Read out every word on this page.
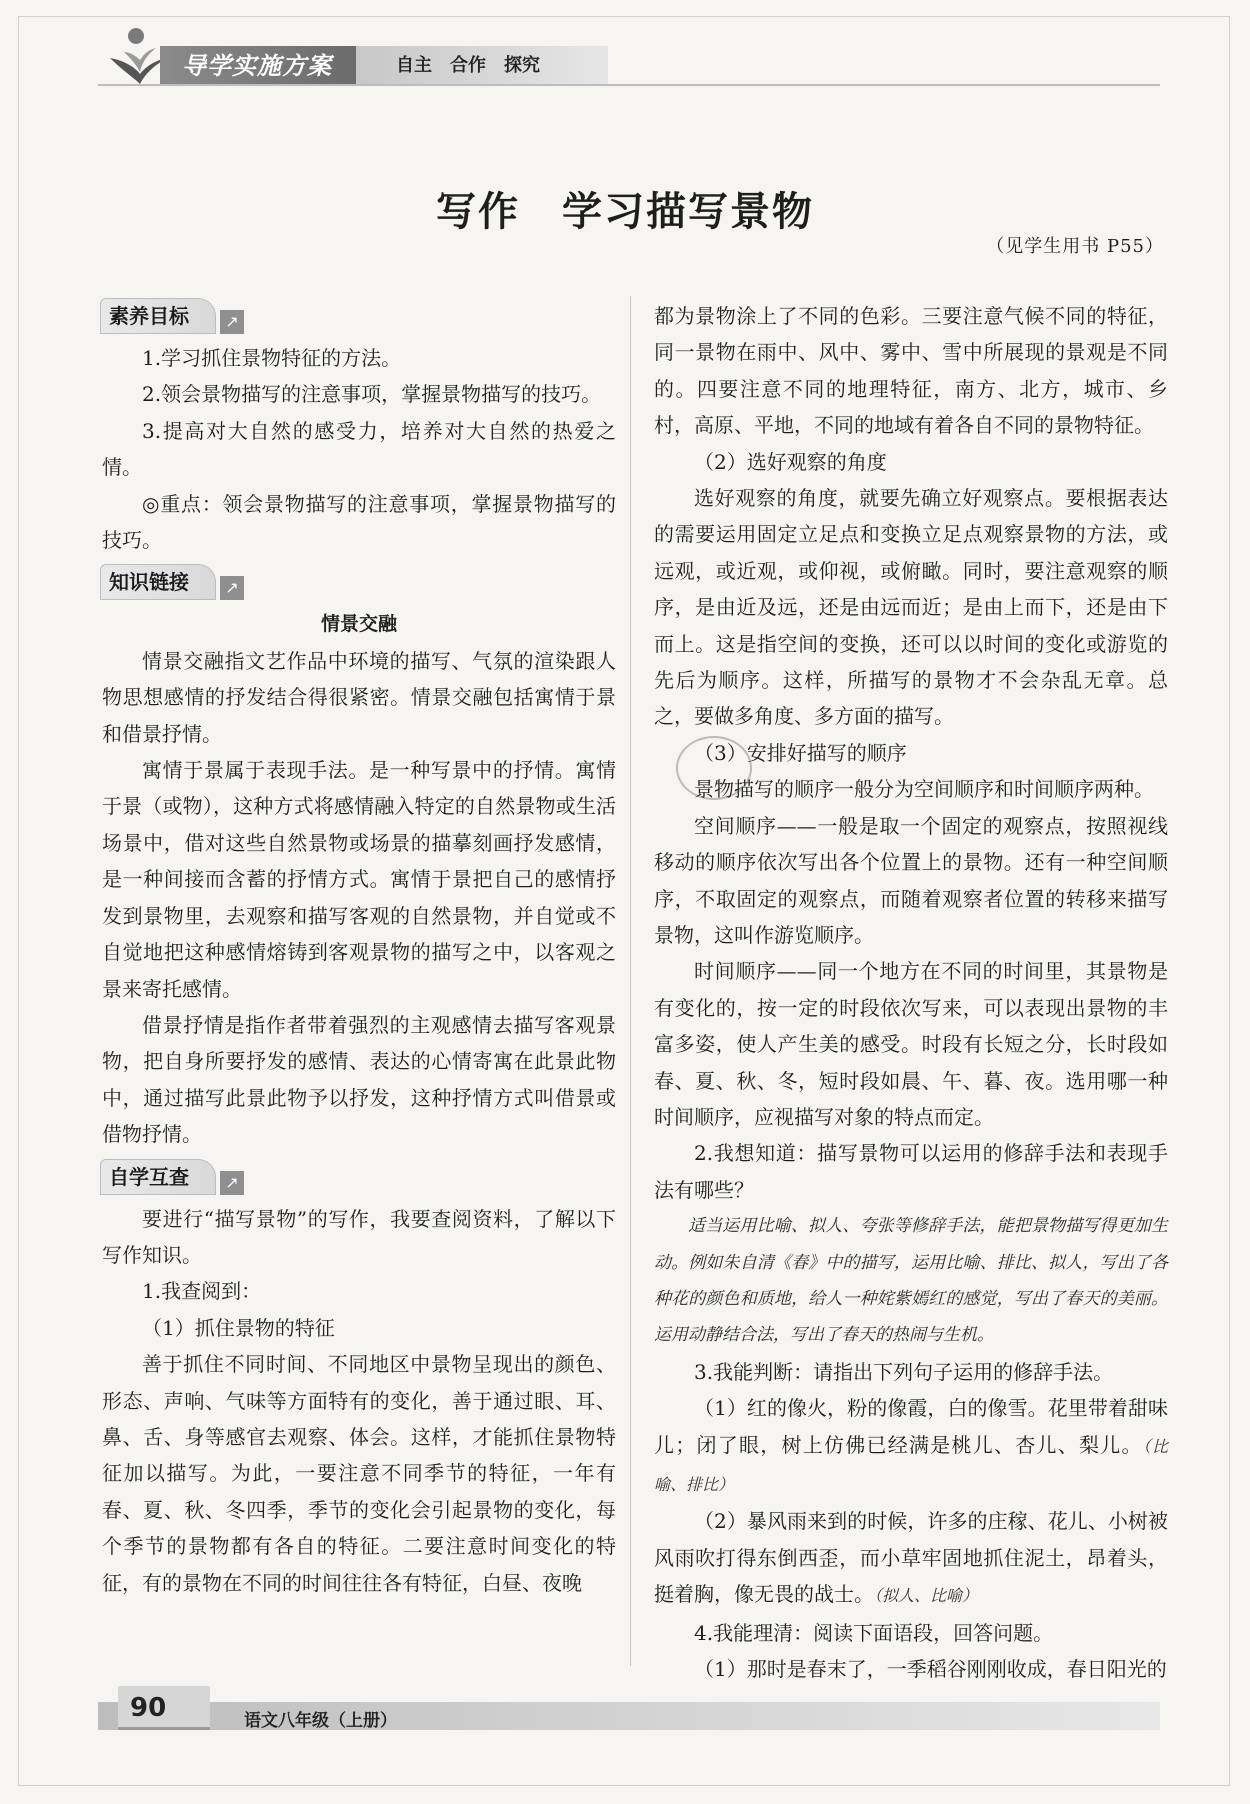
导学实施方案	自主　合作　探究
写作　学习描写景物
（见学生用书 P55）
素养目标 ↗

1.学习抓住景物特征的方法。

2.领会景物描写的注意事项，掌握景物描写的技巧。

3.提高对大自然的感受力，培养对大自然的热爱之情。

◎重点：领会景物描写的注意事项，掌握景物描写的技巧。

知识链接 ↗

情景交融

情景交融指文艺作品中环境的描写、气氛的渲染跟人物思想感情的抒发结合得很紧密。情景交融包括寓情于景和借景抒情。

寓情于景属于表现手法。是一种写景中的抒情。寓情于景（或物），这种方式将感情融入特定的自然景物或生活场景中，借对这些自然景物或场景的描摹刻画抒发感情，是一种间接而含蓄的抒情方式。寓情于景把自己的感情抒发到景物里，去观察和描写客观的自然景物，并自觉或不自觉地把这种感情熔铸到客观景物的描写之中，以客观之景来寄托感情。

借景抒情是指作者带着强烈的主观感情去描写客观景物，把自身所要抒发的感情、表达的心情寄寓在此景此物中，通过描写此景此物予以抒发，这种抒情方式叫借景或借物抒情。

自学互查 ↗

要进行“描写景物”的写作，我要查阅资料，了解以下写作知识。

1.我查阅到：

（1）抓住景物的特征

善于抓住不同时间、不同地区中景物呈现出的颜色、形态、声响、气味等方面特有的变化，善于通过眼、耳、鼻、舌、身等感官去观察、体会。这样，才能抓住景物特征加以描写。为此，一要注意不同季节的特征，一年有春、夏、秋、冬四季，季节的变化会引起景物的变化，每个季节的景物都有各自的特征。二要注意时间变化的特征，有的景物在不同的时间往往各有特征，白昼、夜晚

都为景物涂上了不同的色彩。三要注意气候不同的特征，同一景物在雨中、风中、雾中、雪中所展现的景观是不同的。四要注意不同的地理特征，南方、北方，城市、乡村，高原、平地，不同的地域有着各自不同的景物特征。

（2）选好观察的角度

选好观察的角度，就要先确立好观察点。要根据表达的需要运用固定立足点和变换立足点观察景物的方法，或远观，或近观，或仰视，或俯瞰。同时，要注意观察的顺序，是由近及远，还是由远而近；是由上而下，还是由下而上。这是指空间的变换，还可以以时间的变化或游览的先后为顺序。这样，所描写的景物才不会杂乱无章。总之，要做多角度、多方面的描写。

（3）安排好描写的顺序

景物描写的顺序一般分为空间顺序和时间顺序两种。

空间顺序——一般是取一个固定的观察点，按照视线移动的顺序依次写出各个位置上的景物。还有一种空间顺序，不取固定的观察点，而随着观察者位置的转移来描写景物，这叫作游览顺序。

时间顺序——同一个地方在不同的时间里，其景物是有变化的，按一定的时段依次写来，可以表现出景物的丰富多姿，使人产生美的感受。时段有长短之分，长时段如春、夏、秋、冬，短时段如晨、午、暮、夜。选用哪一种时间顺序，应视描写对象的特点而定。

2.我想知道：描写景物可以运用的修辞手法和表现手法有哪些？

适当运用比喻、拟人、夸张等修辞手法，能把景物描写得更加生动。例如朱自清《春》中的描写，运用比喻、排比、拟人，写出了各种花的颜色和质地，给人一种姹紫嫣红的感觉，写出了春天的美丽。运用动静结合法，写出了春天的热闹与生机。

3.我能判断：请指出下列句子运用的修辞手法。

（1）红的像火，粉的像霞，白的像雪。花里带着甜味儿；闭了眼，树上仿佛已经满是桃儿、杏儿、梨儿。（比喻、排比）

（2）暴风雨来到的时候，许多的庄稼、花儿、小树被风雨吹打得东倒西歪，而小草牢固地抓住泥土，昂着头，挺着胸，像无畏的战士。（拟人、比喻）

4.我能理清：阅读下面语段，回答问题。

（1）那时是春末了，一季稻谷刚刚收成，春日阳光的

90	语文八年级（上册）
